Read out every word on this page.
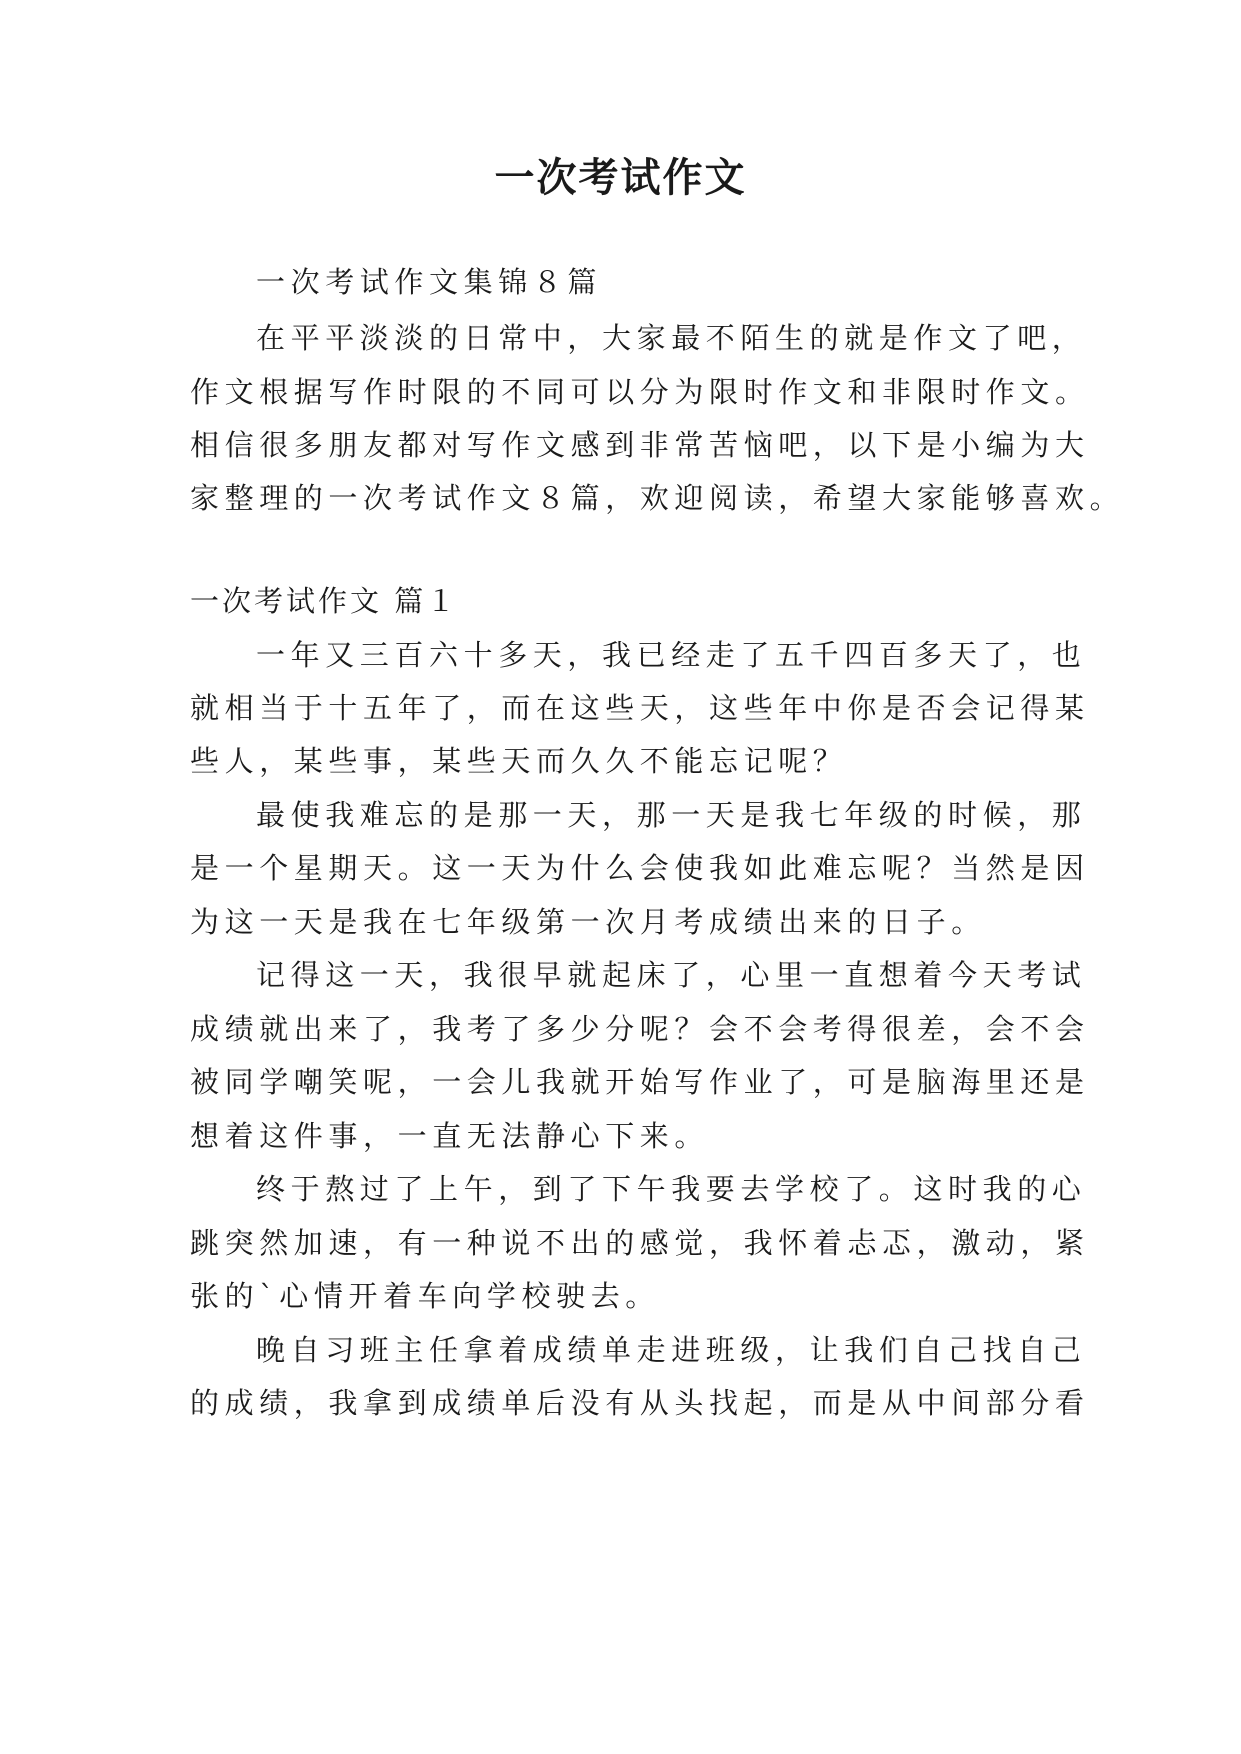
一次考试作文
一次考试作文集锦８篇
在平平淡淡的日常中，大家最不陌生的就是作文了吧，
作文根据写作时限的不同可以分为限时作文和非限时作文。
相信很多朋友都对写作文感到非常苦恼吧，以下是小编为大
家整理的一次考试作文８篇，欢迎阅读，希望大家能够喜欢。
一次考试作文 篇１
一年又三百六十多天，我已经走了五千四百多天了，也
就相当于十五年了，而在这些天，这些年中你是否会记得某
些人，某些事，某些天而久久不能忘记呢？
最使我难忘的是那一天，那一天是我七年级的时候，那
是一个星期天。这一天为什么会使我如此难忘呢？当然是因
为这一天是我在七年级第一次月考成绩出来的日子。
记得这一天，我很早就起床了，心里一直想着今天考试
成绩就出来了，我考了多少分呢？会不会考得很差，会不会
被同学嘲笑呢，一会儿我就开始写作业了，可是脑海里还是
想着这件事，一直无法静心下来。
终于熬过了上午，到了下午我要去学校了。这时我的心
跳突然加速，有一种说不出的感觉，我怀着忐忑，激动，紧
张的`心情开着车向学校驶去。
晚自习班主任拿着成绩单走进班级，让我们自己找自己
的成绩，我拿到成绩单后没有从头找起，而是从中间部分看
